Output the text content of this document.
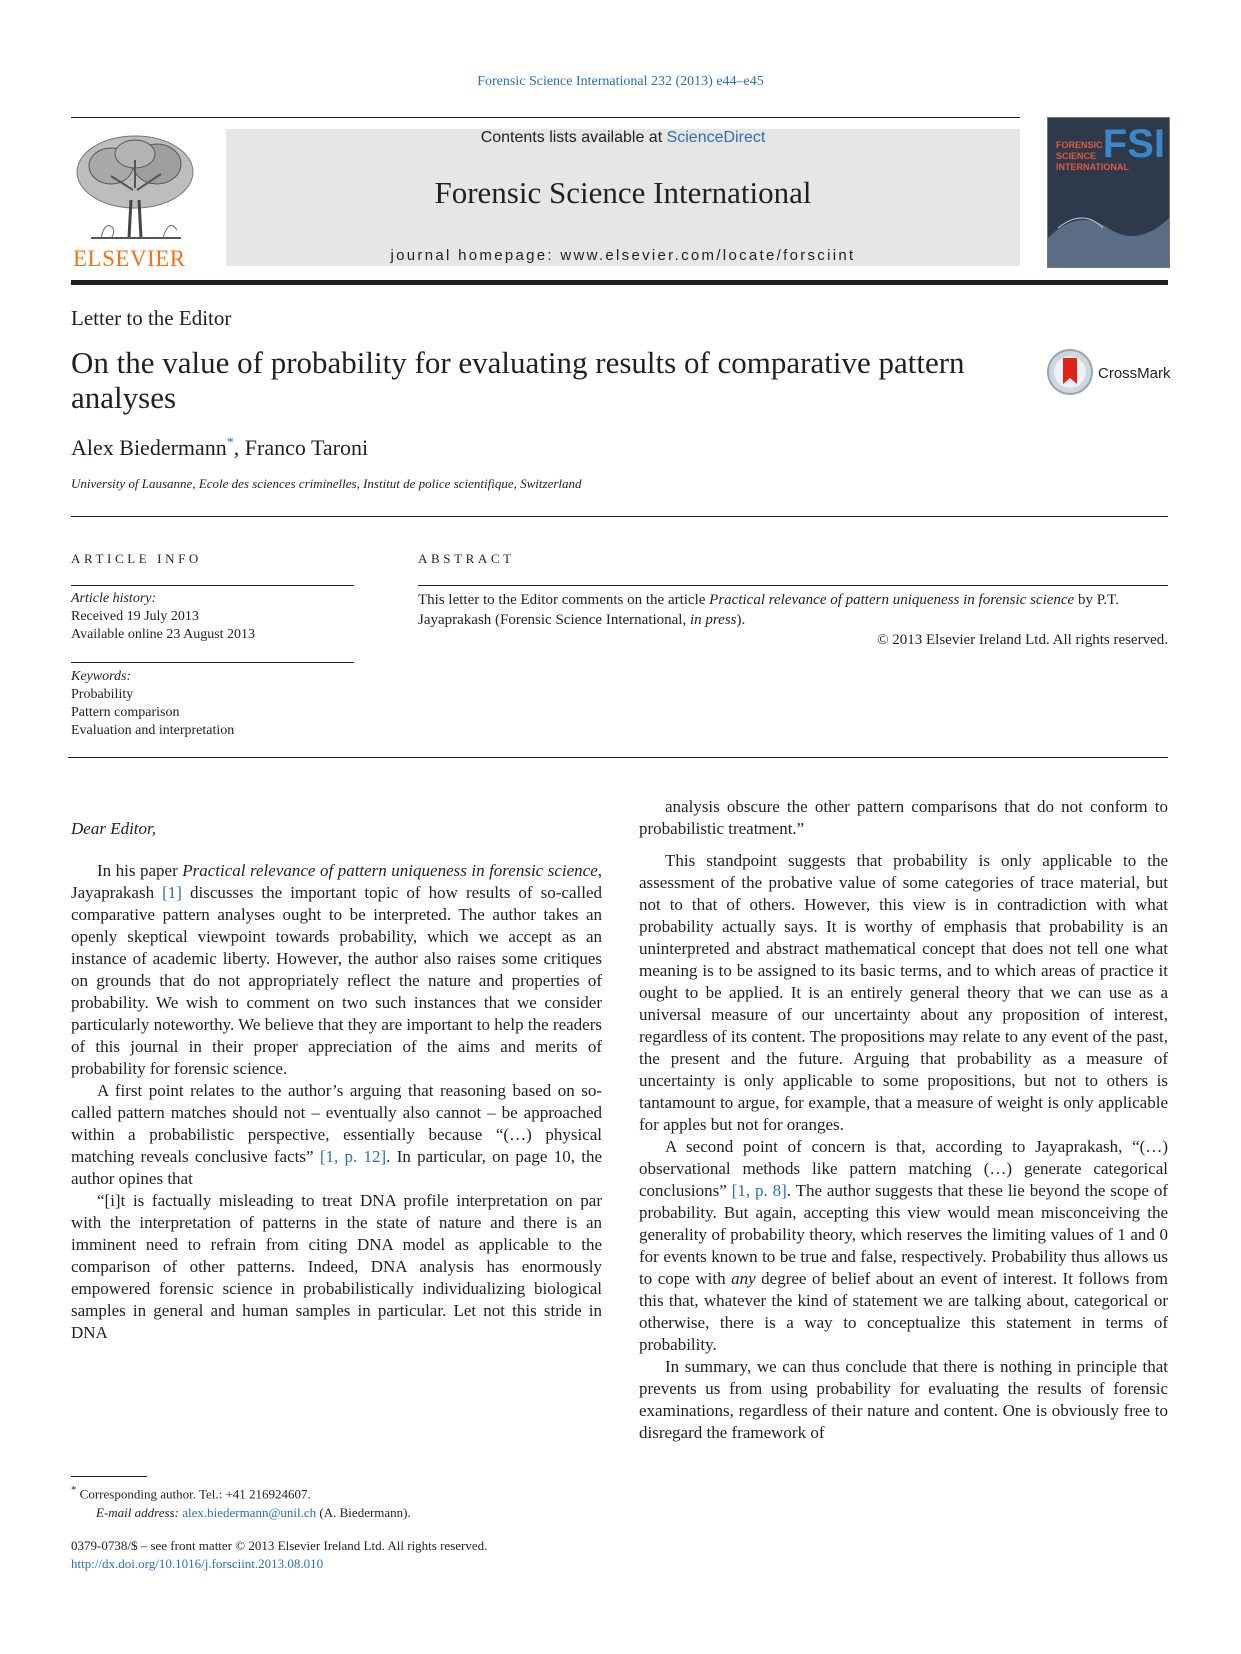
Forensic Science International 232 (2013) e44–e45
ELSEVIER
Contents lists available at ScienceDirect
Forensic Science International
journal homepage: www.elsevier.com/locate/forsciint
FSI
FORENSIC SCIENCE INTERNATIONAL
Letter to the Editor
On the value of probability for evaluating results of comparative pattern analyses
CrossMark
Alex Biedermann*, Franco Taroni
University of Lausanne, Ecole des sciences criminelles, Institut de police scientifique, Switzerland
ARTICLE INFO	ABSTRACT
Article history:
Received 19 July 2013
Available online 23 August 2013
Keywords:
Probability
Pattern comparison
Evaluation and interpretation
This letter to the Editor comments on the article Practical relevance of pattern uniqueness in forensic science by P.T. Jayaprakash (Forensic Science International, in press).
© 2013 Elsevier Ireland Ltd. All rights reserved.

Dear Editor,

In his paper Practical relevance of pattern uniqueness in forensic science, Jayaprakash [1] discusses the important topic of how results of so-called comparative pattern analyses ought to be interpreted. The author takes an openly skeptical viewpoint towards probability, which we accept as an instance of academic liberty. However, the author also raises some critiques on grounds that do not appropriately reflect the nature and properties of probability. We wish to comment on two such instances that we consider particularly noteworthy. We believe that they are important to help the readers of this journal in their proper appreciation of the aims and merits of probability for forensic science.

A first point relates to the author’s arguing that reasoning based on so-called pattern matches should not – eventually also cannot – be approached within a probabilistic perspective, essentially because “(…) physical matching reveals conclusive facts” [1, p. 12]. In particular, on page 10, the author opines that

“[i]t is factually misleading to treat DNA profile interpretation on par with the interpretation of patterns in the state of nature and there is an imminent need to refrain from citing DNA model as applicable to the comparison of other patterns. Indeed, DNA analysis has enormously empowered forensic science in probabilistically individualizing biological samples in general and human samples in particular. Let not this stride in DNA

analysis obscure the other pattern comparisons that do not conform to probabilistic treatment.”

This standpoint suggests that probability is only applicable to the assessment of the probative value of some categories of trace material, but not to that of others. However, this view is in contradiction with what probability actually says. It is worthy of emphasis that probability is an uninterpreted and abstract mathematical concept that does not tell one what meaning is to be assigned to its basic terms, and to which areas of practice it ought to be applied. It is an entirely general theory that we can use as a universal measure of our uncertainty about any proposition of interest, regardless of its content. The propositions may relate to any event of the past, the present and the future. Arguing that probability as a measure of uncertainty is only applicable to some propositions, but not to others is tantamount to argue, for example, that a measure of weight is only applicable for apples but not for oranges.

A second point of concern is that, according to Jayaprakash, “(…) observational methods like pattern matching (…) generate categorical conclusions” [1, p. 8]. The author suggests that these lie beyond the scope of probability. But again, accepting this view would mean misconceiving the generality of probability theory, which reserves the limiting values of 1 and 0 for events known to be true and false, respectively. Probability thus allows us to cope with any degree of belief about an event of interest. It follows from this that, whatever the kind of statement we are talking about, categorical or otherwise, there is a way to conceptualize this statement in terms of probability.

In summary, we can thus conclude that there is nothing in principle that prevents us from using probability for evaluating the results of forensic examinations, regardless of their nature and content. One is obviously free to disregard the framework of

* Corresponding author. Tel.: +41 216924607.
E-mail address: alex.biedermann@unil.ch (A. Biedermann).
0379-0738/$ – see front matter © 2013 Elsevier Ireland Ltd. All rights reserved.
http://dx.doi.org/10.1016/j.forsciint.2013.08.010
